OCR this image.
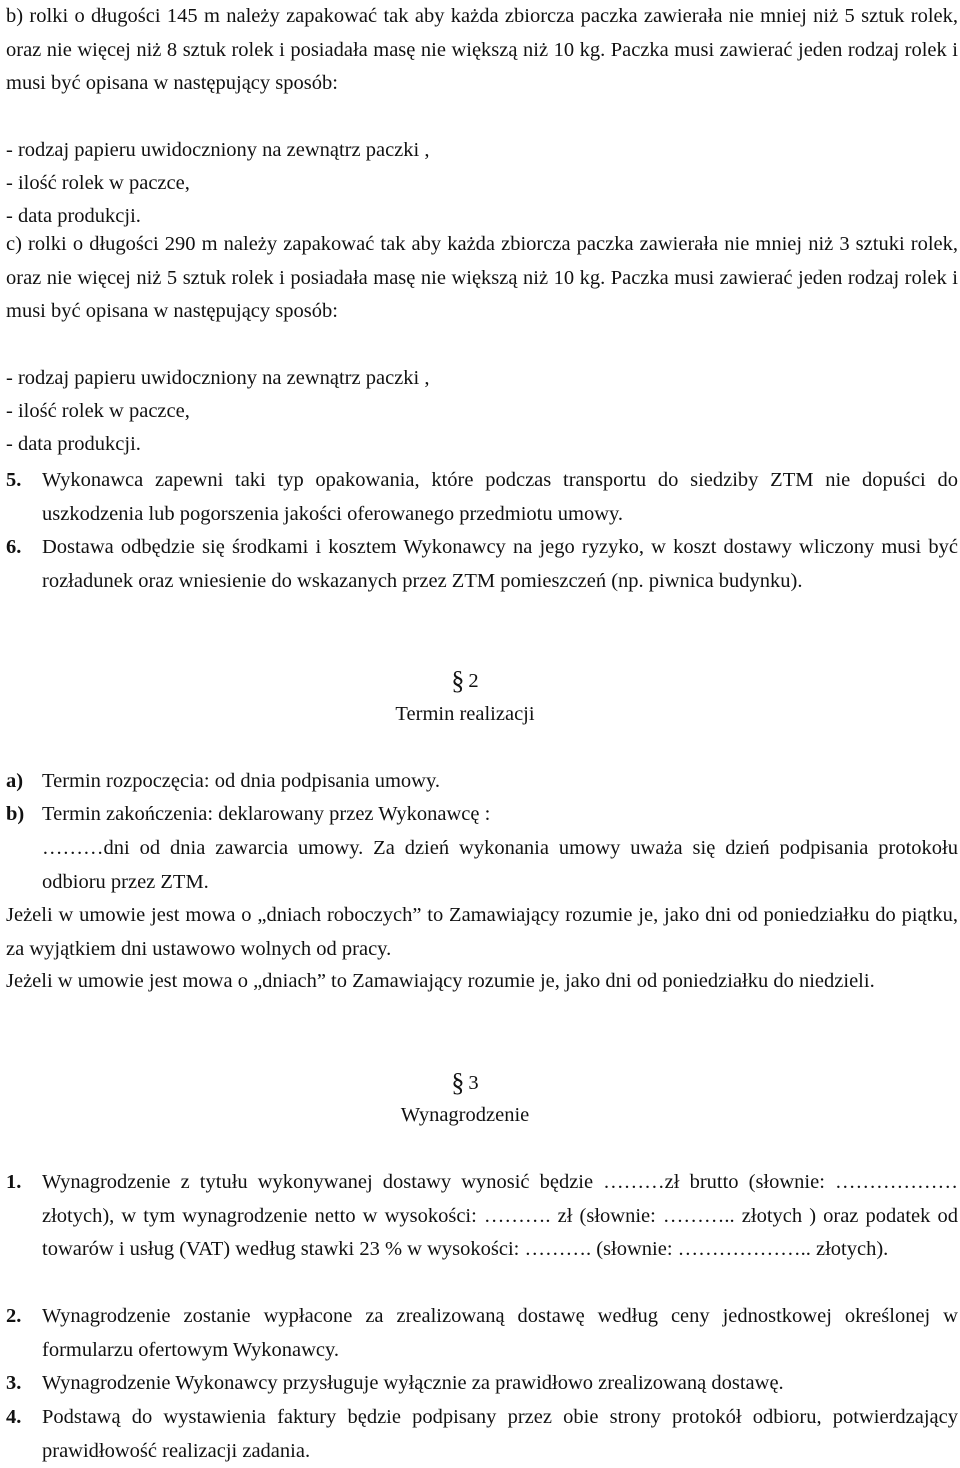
b) rolki o długości 145 m należy zapakować tak aby każda zbiorcza paczka zawierała nie mniej niż 5 sztuk rolek, oraz nie więcej niż 8 sztuk rolek i posiadała masę nie większą niż 10 kg. Paczka musi zawierać jeden rodzaj rolek i musi być opisana w następujący sposób:

- rodzaj papieru uwidoczniony na zewnątrz paczki ,

- ilość rolek w paczce,

- data produkcji.

c) rolki o długości 290 m należy zapakować tak aby każda zbiorcza paczka zawierała nie mniej niż 3 sztuki rolek, oraz nie więcej niż 5 sztuk rolek i posiadała masę nie większą niż 10 kg. Paczka musi zawierać jeden rodzaj rolek i musi być opisana w następujący sposób:

- rodzaj papieru uwidoczniony na zewnątrz paczki ,

- ilość rolek w paczce,

- data produkcji.

5. Wykonawca zapewni taki typ opakowania, które podczas transportu do siedziby ZTM nie dopuści do uszkodzenia lub pogorszenia jakości oferowanego przedmiotu umowy.

6. Dostawa odbędzie się środkami i kosztem Wykonawcy na jego ryzyko, w koszt dostawy wliczony musi być rozładunek oraz wniesienie do wskazanych przez ZTM pomieszczeń (np. piwnica budynku).

§ 2
Termin realizacji
a) Termin rozpoczęcia: od dnia podpisania umowy.

b) Termin zakończenia: deklarowany przez Wykonawcę :

………dni od dnia zawarcia umowy. Za dzień wykonania umowy uważa się dzień podpisania protokołu odbioru przez ZTM.

Jeżeli w umowie jest mowa o „dniach roboczych” to Zamawiający rozumie je, jako dni od poniedziałku do piątku, za wyjątkiem dni ustawowo wolnych od pracy.

Jeżeli w umowie jest mowa o „dniach” to Zamawiający rozumie je, jako dni od poniedziałku do niedzieli.

§ 3
Wynagrodzenie
1. Wynagrodzenie z tytułu wykonywanej dostawy wynosić będzie ………zł brutto (słownie: ………………złotych), w tym wynagrodzenie netto w wysokości: ………. zł (słownie: ……….. złotych ) oraz podatek od towarów i usług (VAT) według stawki 23 % w wysokości: ………. (słownie: ……………….. złotych).

2. Wynagrodzenie zostanie wypłacone za zrealizowaną dostawę według ceny jednostkowej określonej w formularzu ofertowym Wykonawcy.

3. Wynagrodzenie Wykonawcy przysługuje wyłącznie za prawidłowo zrealizowaną dostawę.

4. Podstawą do wystawienia faktury będzie podpisany przez obie strony protokół odbioru, potwierdzający prawidłowość realizacji zadania.
